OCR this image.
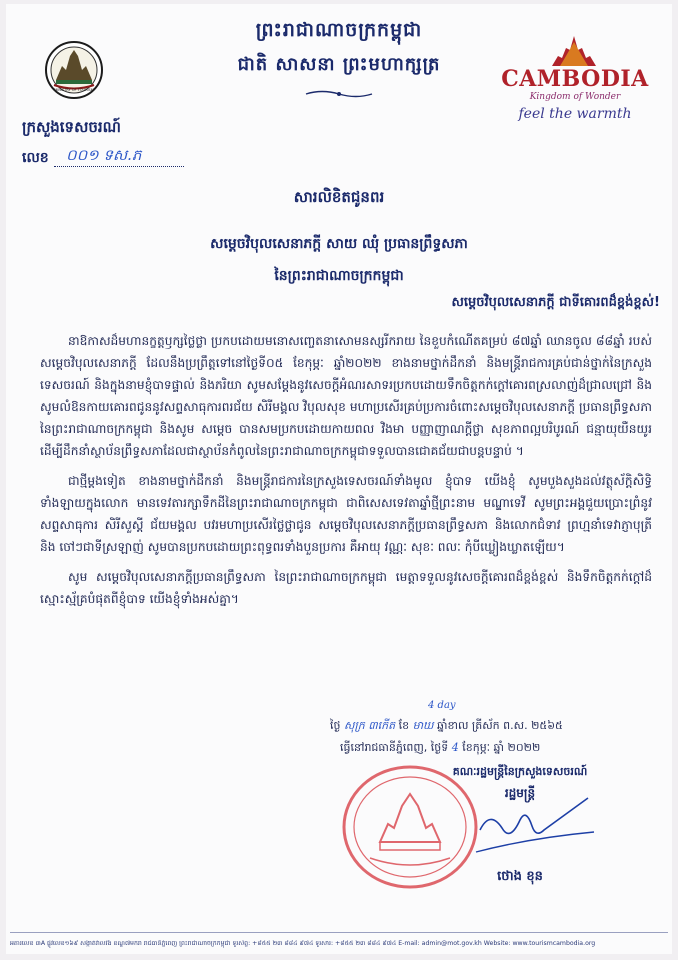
MINISTRY OF TOURISM
ព្រះរាជាណាចក្រកម្ពុជា
ជាតិ សាសនា ព្រះមហាក្សត្រ
CAMBODIA
Kingdom of Wonder
feel the warmth
ក្រសួងទេសចរណ៍
លេខ ០០១ ទស.ភ
សារលិខិតជូនពរ
សម្តេចវិបុលសេនាភក្តី សាយ ឈុំ ប្រធានព្រឹទ្ធសភា
នៃព្រះរាជាណាចក្រកម្ពុជា
សម្តេចវិបុលសេនាភក្តី ជាទីគោរពដ៏ខ្ពង់ខ្ពស់!

នាឱកាសដ៏មហានក្ខត្តឫក្សថ្លៃថ្លា ប្រកបដោយមនោសញ្ចេតនាសោមនស្សរីករាយ នៃខួបកំណើតគម្រប់ ៨៧ឆ្នាំ ឈានចូល ៨៨ឆ្នាំ របស់សម្តេចវិបុលសេនាភក្តី ដែលនឹងប្រព្រឹត្តទៅនៅថ្ងៃទី០៥ ខែកុម្ភៈ ឆ្នាំ២០២២ ខាងនាមថ្នាក់ដឹកនាំ និងមន្ត្រីរាជការគ្រប់ជាន់ថ្នាក់នៃក្រសួងទេសចរណ៍ និងក្នុងនាមខ្ញុំបាទផ្ទាល់ និងភរិយា សូមសម្តែងនូវសេចក្តីអំណរសាទរប្រកបដោយទឹកចិត្តកក់ក្តៅគោរពស្រលាញ់ដ៏ជ្រាលជ្រៅ និងសូមលំឱនកាយគោរពជូននូវសព្ទសាធុការពរជ័យ សិរីមង្គល វិបុលសុខ មហាប្រសើរគ្រប់ប្រការចំពោះសម្តេចវិបុលសេនាភក្តី ប្រធានព្រឹទ្ធសភា នៃព្រះរាជាណាចក្រកម្ពុជា និងសូម សម្តេច បានសមប្រកបដោយកាយពល វិងមា បញ្ញាញាណក្តីថ្លា សុខភាពល្អបរិបូរណ៍ ជន្មាយុយឺនយូរ ដើម្បីដឹកនាំស្ថាប័នព្រឹទ្ធសភាដែលជាស្ថាប័នកំពូលនៃព្រះរាជាណាចក្រកម្ពុជាទទួលបានជោគជ័យជាបន្តបន្ទាប់ ។

ជាថ្មីម្តងទៀត ខាងនាមថ្នាក់ដឹកនាំ និងមន្ត្រីរាជការនៃក្រសួងទេសចរណ៍ទាំងមូល ខ្ញុំបាទ យើងខ្ញុំ សូមបួងសួងដល់វត្ថុស័ក្តិសិទ្ធិទាំងឡាយក្នុងលោក មានទេវតារក្សាទឹកដីនៃព្រះរាជាណាចក្រកម្ពុជា ជាពិសេសទេវតាឆ្នាំថ្មីព្រះនាម មណ្ឌាទេវី សូមព្រះអង្គជួយប្រោះព្រំនូវសព្ទសាធុការ សិរីសួស្តី ជ័យមង្គល បវរមហាប្រសើរថ្លៃថ្លាជូន សម្តេចវិបុលសេនាភក្តីប្រធានព្រឹទ្ធសភា និងលោកជំទាវ ព្រហ្មនាំទេវាភ្ញាបុត្រី និង ចៅៗជាទីស្រឡាញ់ សូមបានប្រកបដោយព្រះពុទ្ធពរទាំងបួនប្រការ គឺអាយុ វណ្ណៈ សុខៈ ពលៈ កុំបីឃ្លៀងឃ្លាតឡើយ។

សូម សម្តេចវិបុលសេនាភក្តីប្រធានព្រឹទ្ធសភា នៃព្រះរាជាណាចក្រកម្ពុជា មេត្តាទទួលនូវសេចក្តីគោរពដ៏ខ្ពង់ខ្ពស់ និងទឹកចិត្តកក់ក្តៅដ៏ស្មោះស្ម័គ្របំផុតពីខ្ញុំបាទ យើងខ្ញុំទាំងអស់គ្នា។

4 day
ថ្ងៃ សុក្រ ៣កើត ខែ មាឃ ឆ្នាំខាល ត្រីស័ក ព.ស. ២៥៦៥
ធ្វើនៅរាជធានីភ្នំពេញ, ថ្ងៃទី 4 ខែកុម្ភៈ ឆ្នាំ ២០២២
គណៈរដ្ឋមន្ត្រីនៃក្រសួងទេសចរណ៍
រដ្ឋមន្ត្រី
ថោង ខុន
អគារលេខ ៣A ផ្លូវលេខ១៦៩ សង្កាត់វាលវង់ ខណ្ឌ៧មករា រាជធានីភ្នំពេញ ព្រះរាជាណាចក្រកម្ពុជា ទូរស័ព្ទ: +៨៥៥ ២៣ ៨៨៤ ៩៧៤ ទូរសារ: +៨៥៥ ២៣ ៨៨៤ ៩៧៤ E-mail: admin@mot.gov.kh Website: www.tourismcambodia.org
